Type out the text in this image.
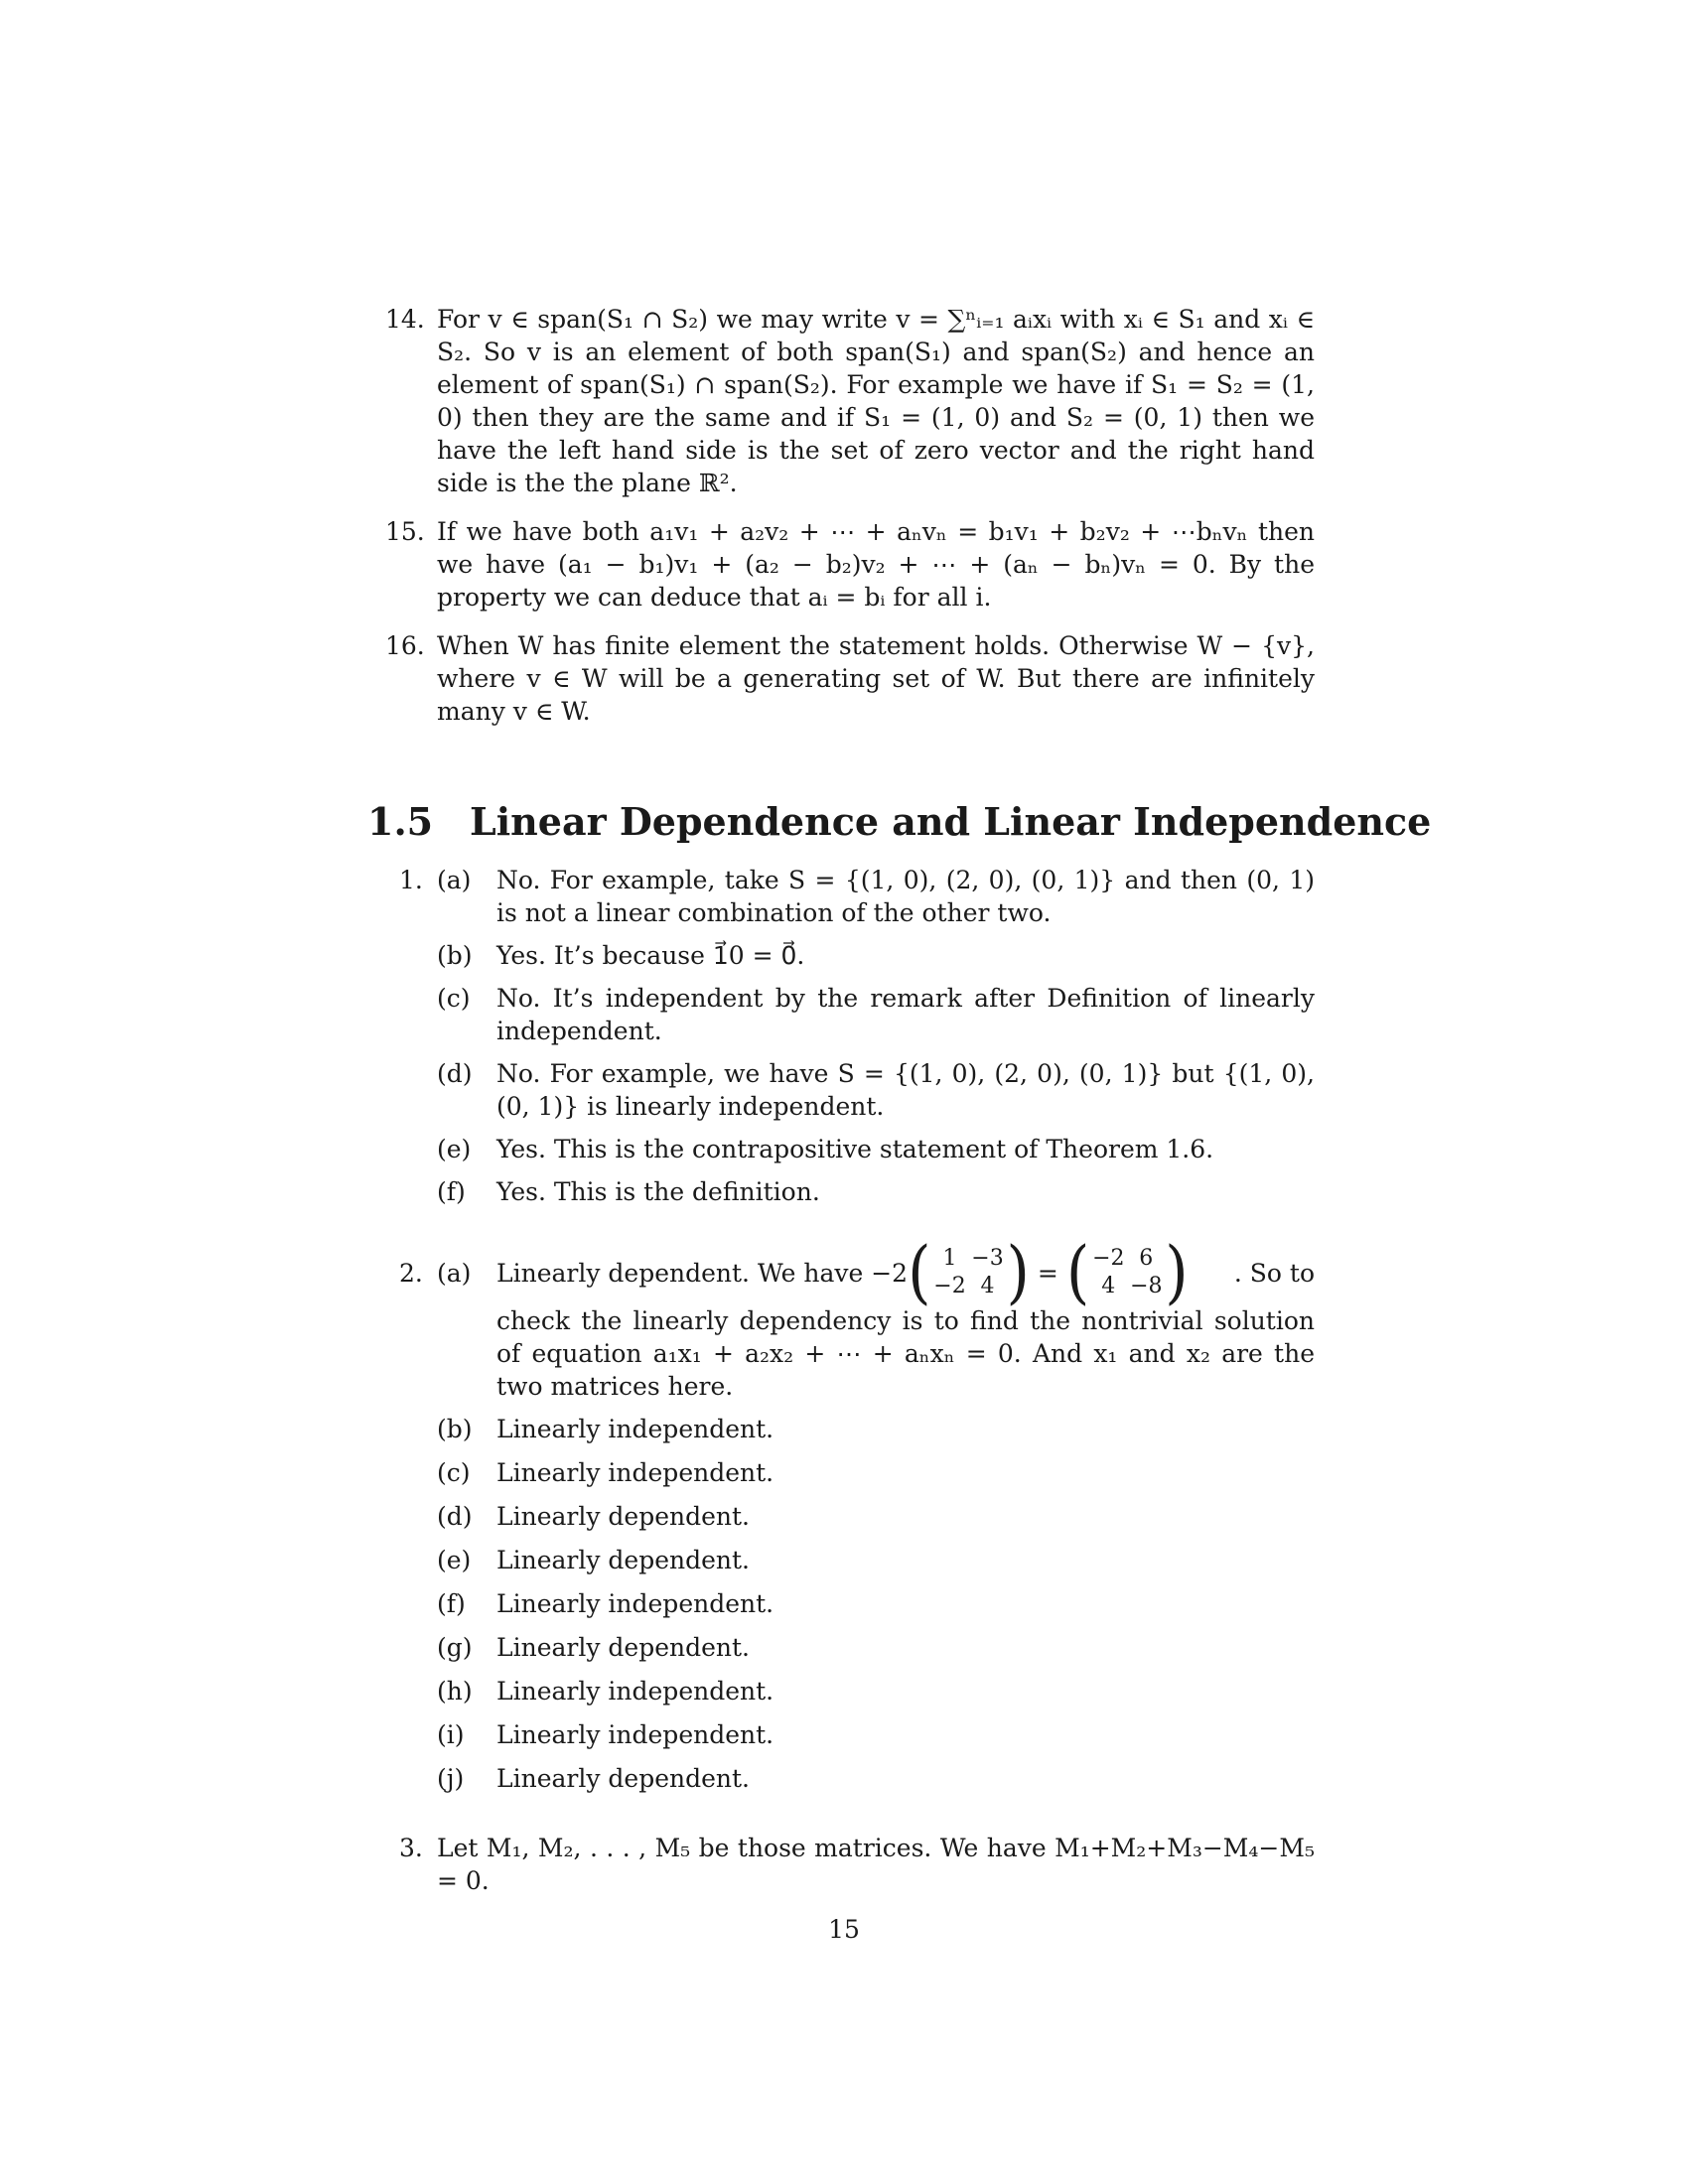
14. For v ∈ span(S₁ ∩ S₂) we may write v = ∑ⁿᵢ₌₁ aᵢxᵢ with xᵢ ∈ S₁ and xᵢ ∈ S₂. So v is an element of both span(S₁) and span(S₂) and hence an element of span(S₁) ∩ span(S₂). For example we have if S₁ = S₂ = (1, 0) then they are the same and if S₁ = (1, 0) and S₂ = (0, 1) then we have the left hand side is the set of zero vector and the right hand side is the the plane ℝ².
15. If we have both a₁v₁ + a₂v₂ + ⋯ + aₙvₙ = b₁v₁ + b₂v₂ + ⋯bₙvₙ then we have (a₁ − b₁)v₁ + (a₂ − b₂)v₂ + ⋯ + (aₙ − bₙ)vₙ = 0. By the property we can deduce that aᵢ = bᵢ for all i.
16. When W has finite element the statement holds. Otherwise W − {v}, where v ∈ W will be a generating set of W. But there are infinitely many v ∈ W.
1.5 Linear Dependence and Linear Independence
1. (a) No. For example, take S = {(1, 0), (2, 0), (0, 1)} and then (0, 1) is not a linear combination of the other two.
(b) Yes. It’s because 1⃗0 = 0⃗.
(c) No. It’s independent by the remark after Definition of linearly independent.
(d) No. For example, we have S = {(1, 0), (2, 0), (0, 1)} but {(1, 0), (0, 1)} is linearly independent.
(e) Yes. This is the contrapositive statement of Theorem 1.6.
(f) Yes. This is the definition.
2. (a) Linearly dependent. We have −2 ( 1 −3
−2 4 ) = ( −2 6
4 −8 ) . So to
check the linearly dependency is to find the nontrivial solution of equation a₁x₁ + a₂x₂ + ⋯ + aₙxₙ = 0. And x₁ and x₂ are the two matrices here.
(b) Linearly independent.
(c) Linearly independent.
(d) Linearly dependent.
(e) Linearly dependent.
(f) Linearly independent.
(g) Linearly dependent.
(h) Linearly independent.
(i) Linearly independent.
(j) Linearly dependent.
3. Let M₁, M₂, . . . , M₅ be those matrices. We have M₁+M₂+M₃−M₄−M₅ = 0.
15
